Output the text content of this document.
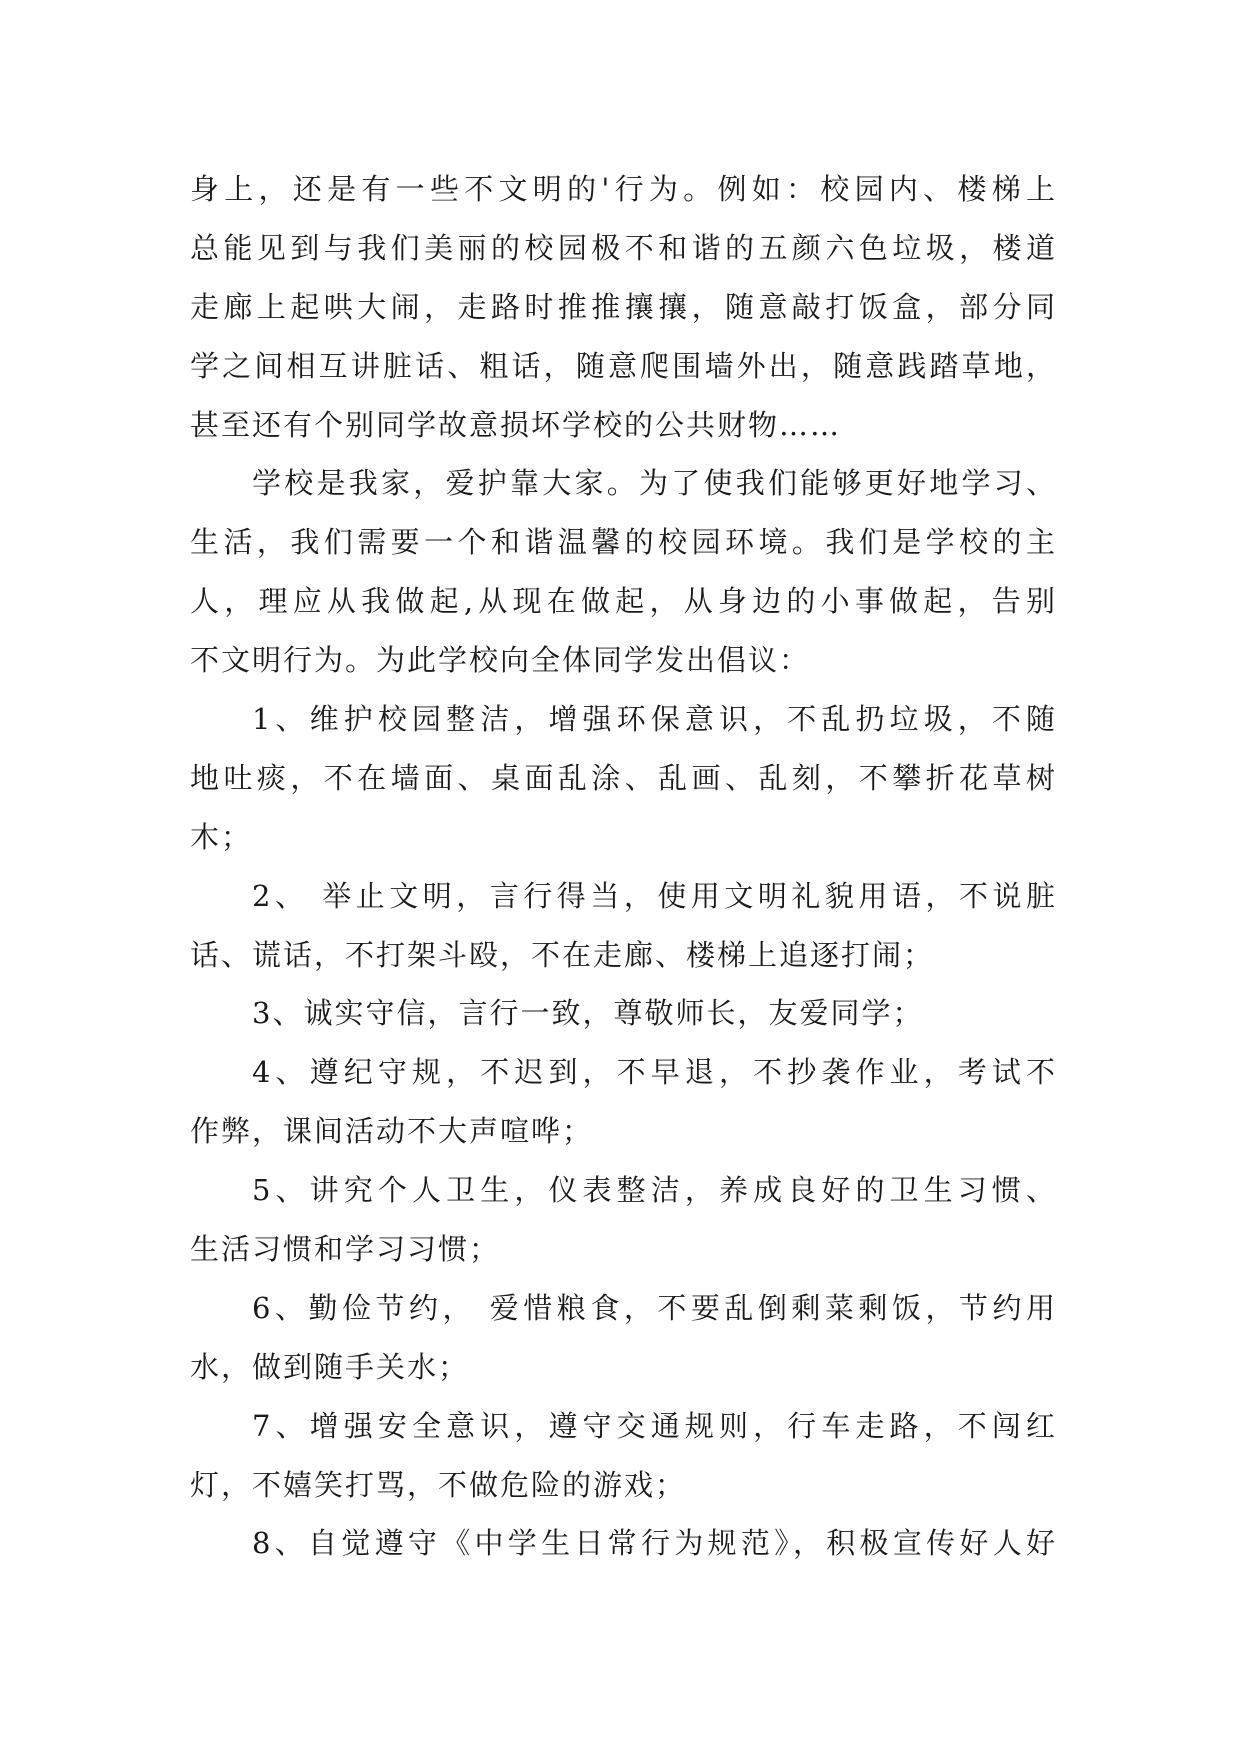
身上，还是有一些不文明的'行为。例如：校园内、楼梯上
总能见到与我们美丽的校园极不和谐的五颜六色垃圾，楼道
走廊上起哄大闹，走路时推推攘攘，随意敲打饭盒，部分同
学之间相互讲脏话、粗话，随意爬围墙外出，随意践踏草地，
甚至还有个别同学故意损坏学校的公共财物……
学校是我家，爱护靠大家。为了使我们能够更好地学习、
生活，我们需要一个和谐温馨的校园环境。我们是学校的主
人，理应从我做起,从现在做起，从身边的小事做起，告别
不文明行为。为此学校向全体同学发出倡议：
1、维护校园整洁，增强环保意识，不乱扔垃圾，不随
地吐痰，不在墙面、桌面乱涂、乱画、乱刻，不攀折花草树
木；
2、 举止文明，言行得当，使用文明礼貌用语，不说脏
话、谎话，不打架斗殴，不在走廊、楼梯上追逐打闹；
3、诚实守信，言行一致，尊敬师长，友爱同学；
4、遵纪守规，不迟到，不早退，不抄袭作业，考试不
作弊，课间活动不大声喧哗；
5、讲究个人卫生，仪表整洁，养成良好的卫生习惯、
生活习惯和学习习惯；
6、勤俭节约， 爱惜粮食，不要乱倒剩菜剩饭，节约用
水，做到随手关水；
7、增强安全意识，遵守交通规则，行车走路，不闯红
灯，不嬉笑打骂，不做危险的游戏；
8、自觉遵守《中学生日常行为规范》，积极宣传好人好
